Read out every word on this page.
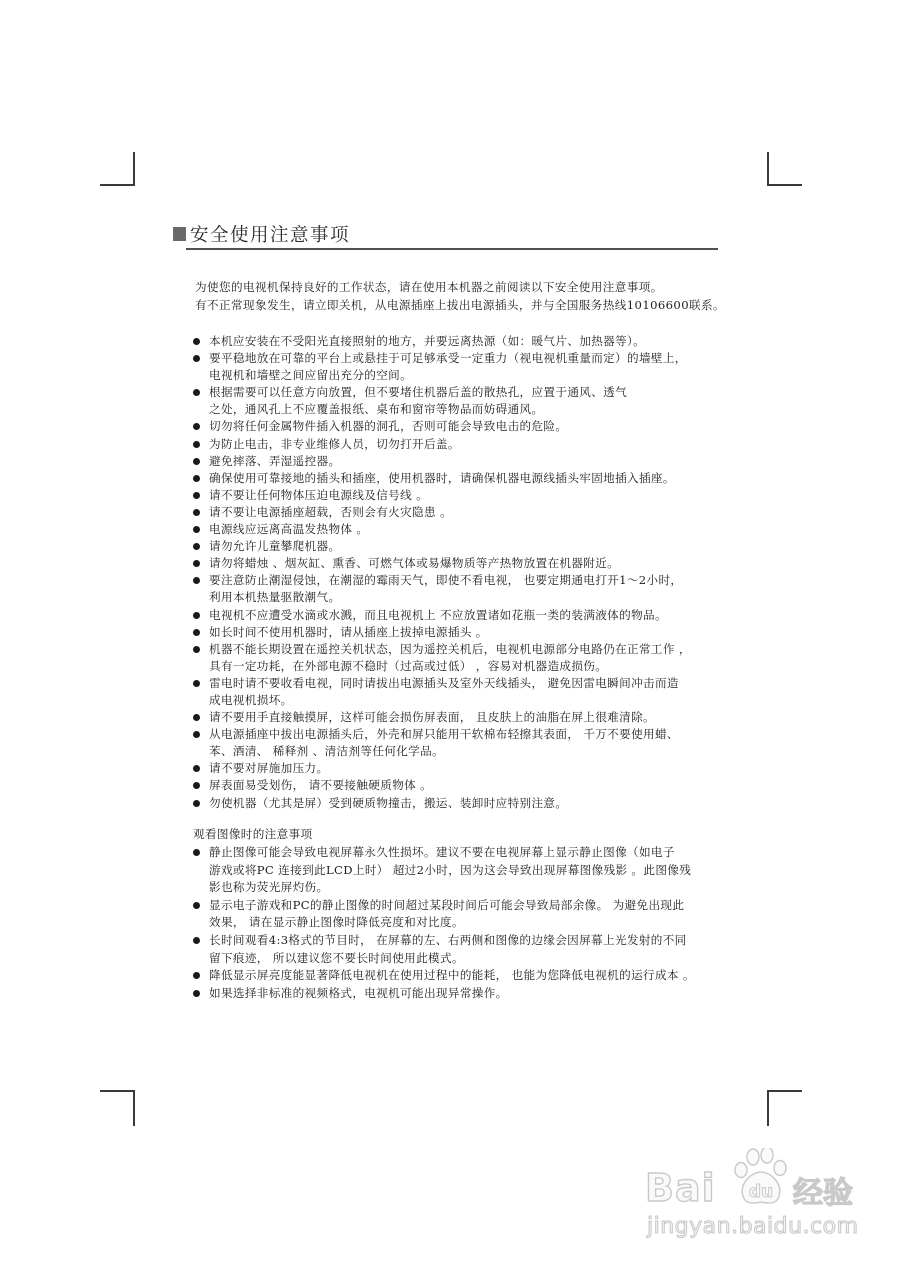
安全使用注意事项
为使您的电视机保持良好的工作状态，请在使用本机器之前阅读以下安全使用注意事项。
有不正常现象发生，请立即关机，从电源插座上拔出电源插头，并与全国服务热线10106600联系。
本机应安装在不受阳光直接照射的地方，并要远离热源（如：暖气片、加热器等）。
要平稳地放在可靠的平台上或悬挂于可足够承受一定重力（视电视机重量而定）的墙壁上，
电视机和墙壁之间应留出充分的空间。
根据需要可以任意方向放置，但不要堵住机器后盖的散热孔，应置于通风、透气
之处，通风孔上不应覆盖报纸、桌布和窗帘等物品而妨碍通风。
切勿将任何金属物件插入机器的洞孔，否则可能会导致电击的危险。
为防止电击，非专业维修人员，切勿打开后盖。
避免摔落、弄湿遥控器。
确保使用可靠接地的插头和插座，使用机器时，请确保机器电源线插头牢固地插入插座。
请不要让任何物体压迫电源线及信号线 。
请不要让电源插座超载，否则会有火灾隐患 。
电源线应远离高温发热物体 。
请勿允许儿童攀爬机器。
请勿将蜡烛 、烟灰缸、熏香、可燃气体或易爆物质等产热物放置在机器附近。
要注意防止潮湿侵蚀，在潮湿的霉雨天气，即使不看电视， 也要定期通电打开1～2小时，
利用本机热量驱散潮气。
电视机不应遭受水滴或水溅，而且电视机上 不应放置诸如花瓶一类的装满液体的物品。
如长时间不使用机器时，请从插座上拔掉电源插头 。
机器不能长期设置在遥控关机状态，因为遥控关机后，电视机电源部分电路仍在正常工作 ，
具有一定功耗，在外部电源不稳时（过高或过低） ，容易对机器造成损伤。
雷电时请不要收看电视，同时请拔出电源插头及室外天线插头， 避免因雷电瞬间冲击而造
成电视机损坏。
请不要用手直接触摸屏，这样可能会损伤屏表面， 且皮肤上的油脂在屏上很难清除。
从电源插座中拔出电源插头后，外壳和屏只能用干软棉布轻擦其表面， 千万不要使用蜡、
苯、酒清、 稀释剂 、清洁剂等任何化学品。
请不要对屏施加压力。
屏表面易受划伤， 请不要接触硬质物体 。
勿使机器（尤其是屏）受到硬质物撞击，搬运、装卸时应特别注意。
观看图像时的注意事项
静止图像可能会导致电视屏幕永久性损坏。建议不要在电视屏幕上显示静止图像（如电子
游戏或将PC 连接到此LCD上时） 超过2小时，因为这会导致出现屏幕图像残影 。此图像残
影也称为荧光屏灼伤。
显示电子游戏和PC的静止图像的时间超过某段时间后可能会导致局部余像。 为避免出现此
效果， 请在显示静止图像时降低亮度和对比度。
长时间观看4:3格式的节目时， 在屏幕的左、右两侧和图像的边缘会因屏幕上光发射的不同
留下痕迹， 所以建议您不要长时间使用此模式。
降低显示屏亮度能显著降低电视机在使用过程中的能耗， 也能为您降低电视机的运行成本 。
如果选择非标准的视频格式，电视机可能出现异常操作。
Bai du 经验
jingyan.baidu.com
